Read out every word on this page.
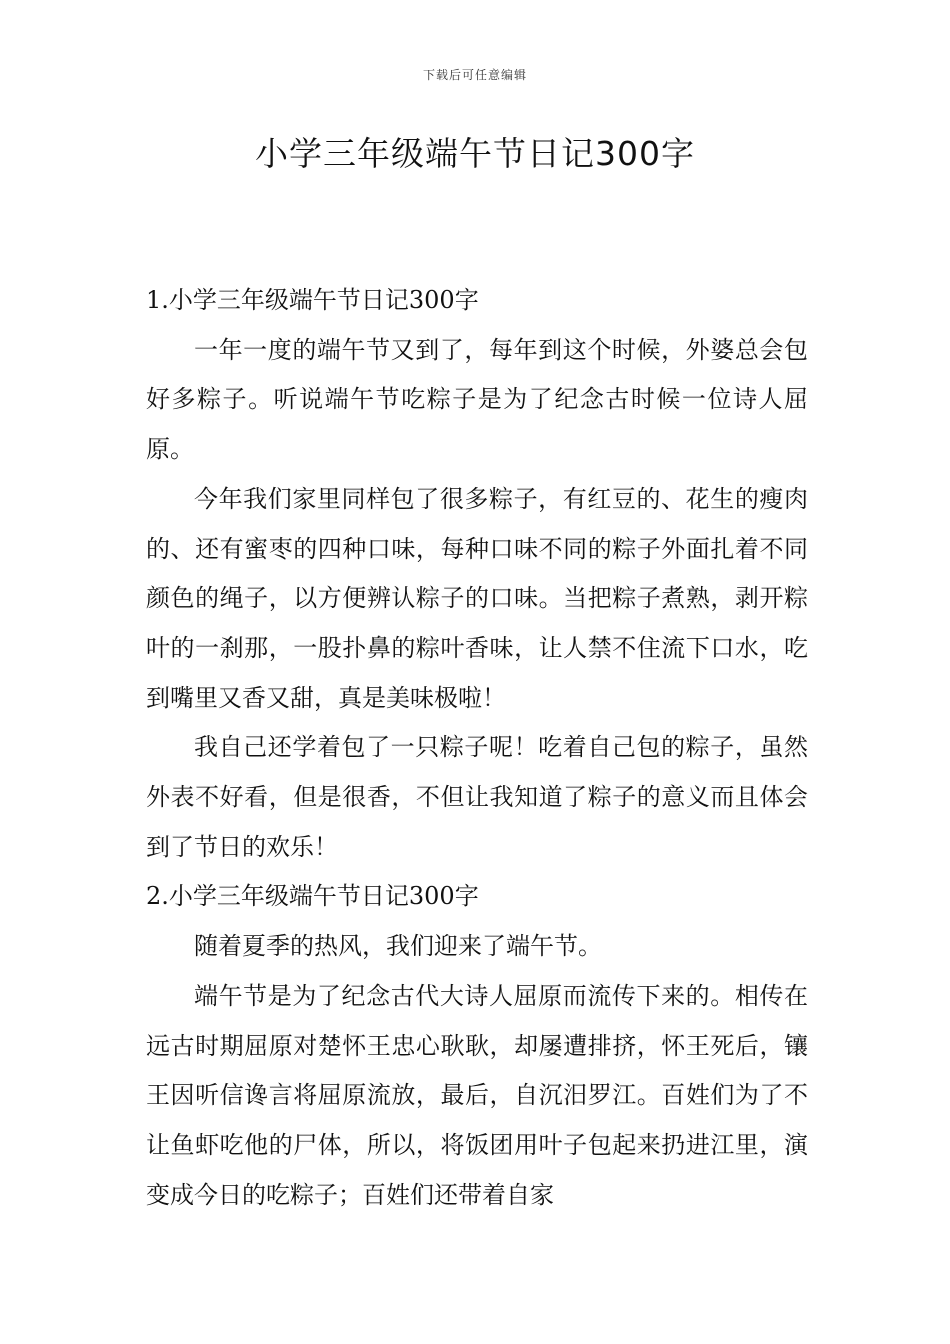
下载后可任意编辑
小学三年级端午节日记300字
1.小学三年级端午节日记300字

一年一度的端午节又到了，每年到这个时候，外婆总会包好多粽子。听说端午节吃粽子是为了纪念古时候一位诗人屈原。

今年我们家里同样包了很多粽子，有红豆的、花生的瘦肉的、还有蜜枣的四种口味，每种口味不同的粽子外面扎着不同颜色的绳子，以方便辨认粽子的口味。当把粽子煮熟，剥开粽叶的一刹那，一股扑鼻的粽叶香味，让人禁不住流下口水，吃到嘴里又香又甜，真是美味极啦！

我自己还学着包了一只粽子呢！吃着自己包的粽子，虽然外表不好看，但是很香，不但让我知道了粽子的意义而且体会到了节日的欢乐！

2.小学三年级端午节日记300字

随着夏季的热风，我们迎来了端午节。

端午节是为了纪念古代大诗人屈原而流传下来的。相传在远古时期屈原对楚怀王忠心耿耿，却屡遭排挤，怀王死后，镶王因听信谗言将屈原流放，最后，自沉汨罗江。百姓们为了不让鱼虾吃他的尸体，所以，将饭团用叶子包起来扔进江里，演变成今日的吃粽子；百姓们还带着自家
